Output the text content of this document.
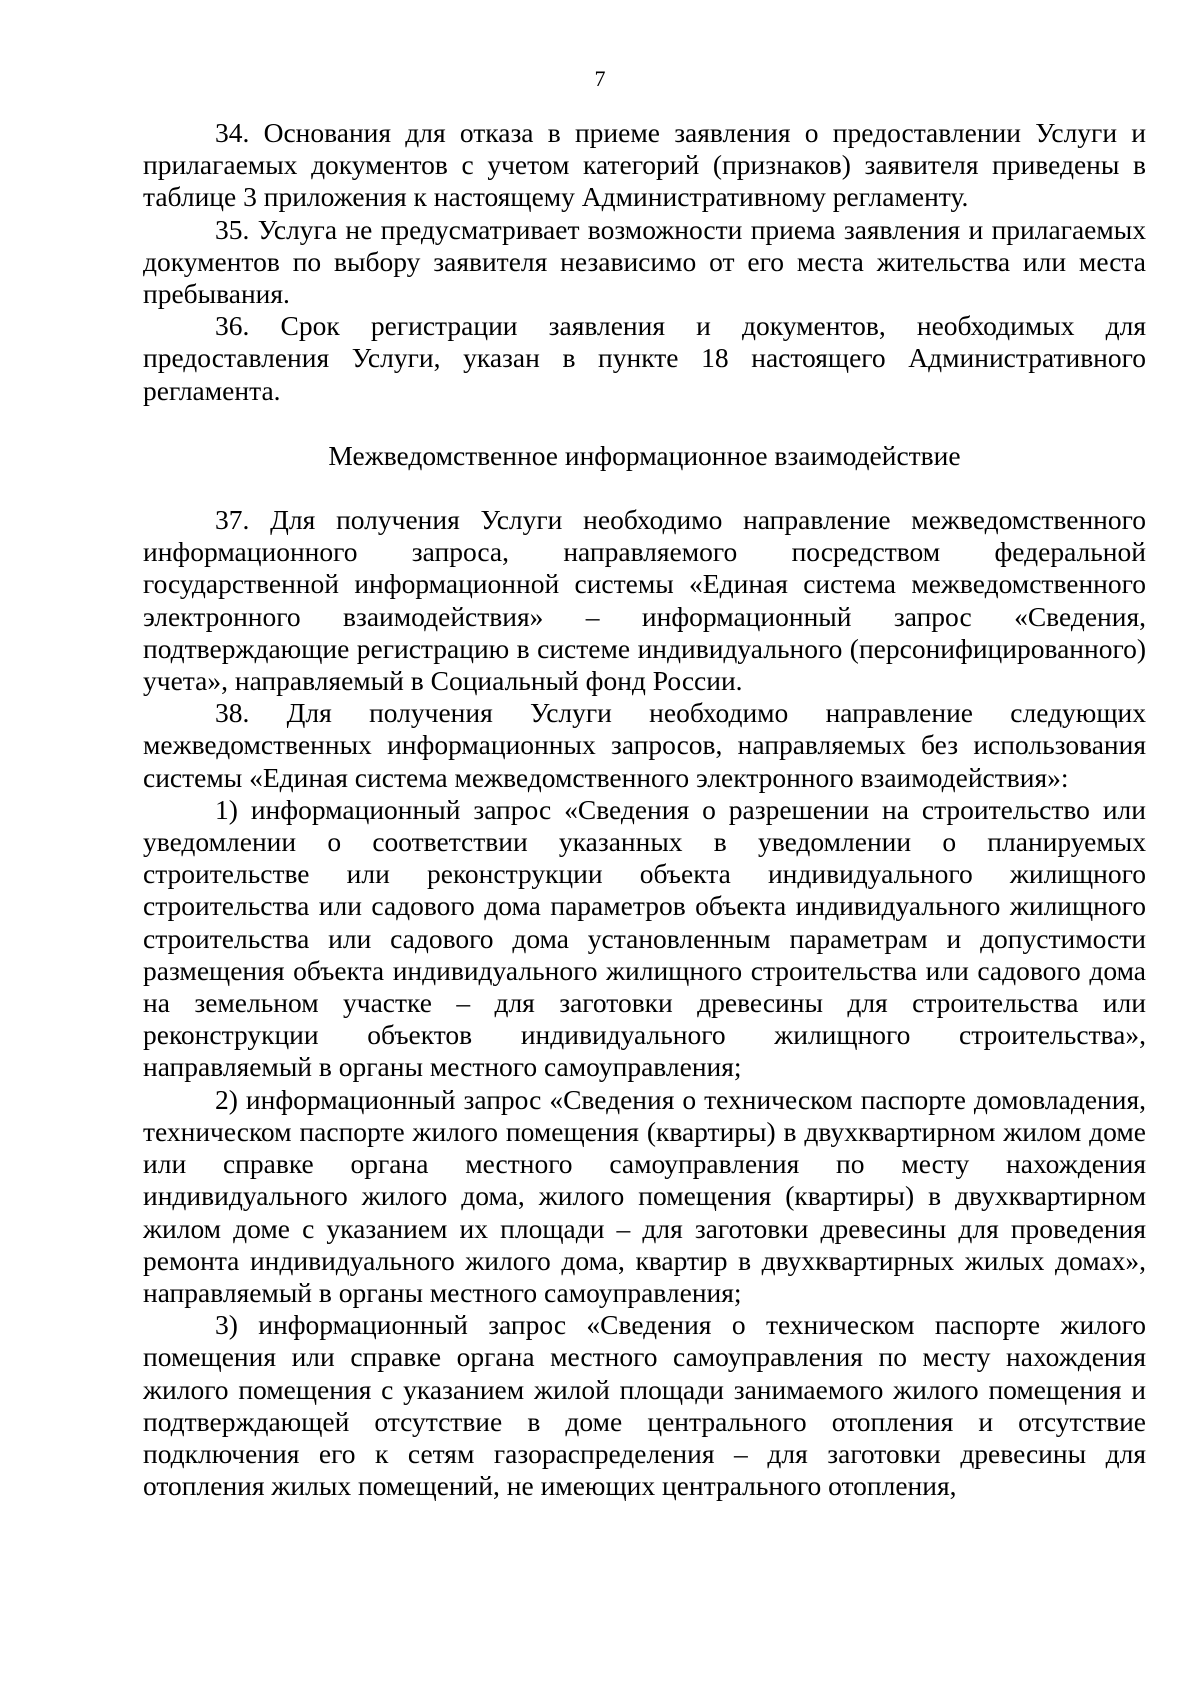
7

34. Основания для отказа в приеме заявления о предоставлении Услуги и прилагаемых документов с учетом категорий (признаков) заявителя приведены в таблице 3 приложения к настоящему Административному регламенту.

35. Услуга не предусматривает возможности приема заявления и прилагаемых документов по выбору заявителя независимо от его места жительства или места пребывания.

36. Срок регистрации заявления и документов, необходимых для предоставления Услуги, указан в пункте 18 настоящего Административного регламента.

Межведомственное информационное взаимодействие

37. Для получения Услуги необходимо направление межведомственного информационного запроса, направляемого посредством федеральной государственной информационной системы «Единая система межведомственного электронного взаимодействия» – информационный запрос «Сведения, подтверждающие регистрацию в системе индивидуального (персонифицированного) учета», направляемый в Социальный фонд России.

38. Для получения Услуги необходимо направление следующих межведомственных информационных запросов, направляемых без использования системы «Единая система межведомственного электронного взаимодействия»:

1) информационный запрос «Сведения о разрешении на строительство или уведомлении о соответствии указанных в уведомлении о планируемых строительстве или реконструкции объекта индивидуального жилищного строительства или садового дома параметров объекта индивидуального жилищного строительства или садового дома установленным параметрам и допустимости размещения объекта индивидуального жилищного строительства или садового дома на земельном участке – для заготовки древесины для строительства или реконструкции объектов индивидуального жилищного строительства», направляемый в органы местного самоуправления;

2) информационный запрос «Сведения о техническом паспорте домовладения, техническом паспорте жилого помещения (квартиры) в двухквартирном жилом доме или справке органа местного самоуправления по месту нахождения индивидуального жилого дома, жилого помещения (квартиры) в двухквартирном жилом доме с указанием их площади – для заготовки древесины для проведения ремонта индивидуального жилого дома, квартир в двухквартирных жилых домах», направляемый в органы местного самоуправления;

3) информационный запрос «Сведения о техническом паспорте жилого помещения или справке органа местного самоуправления по месту нахождения жилого помещения с указанием жилой площади занимаемого жилого помещения и подтверждающей отсутствие в доме центрального отопления и отсутствие подключения его к сетям газораспределения – для заготовки древесины для отопления жилых помещений, не имеющих центрального отопления,
